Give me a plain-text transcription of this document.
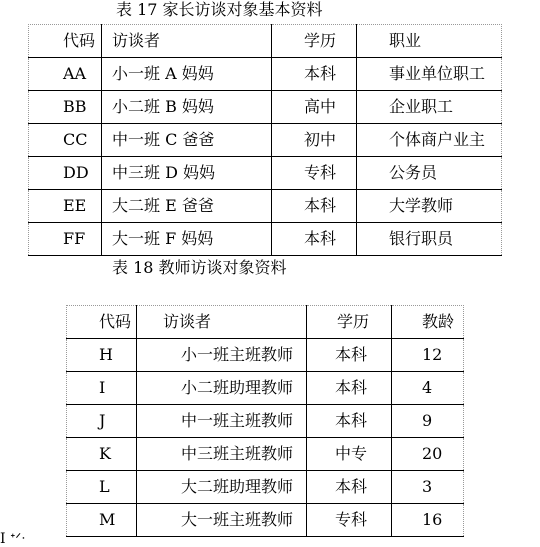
表 17 家长访谈对象基本资料
代码	访谈者	学历	职业
AA	小一班 A 妈妈	本科	事业单位职工
BB	小二班 B 妈妈	高中	企业职工
CC	中一班 C 爸爸	初中	个体商户业主
DD	中三班 D 妈妈	专科	公务员
EE	大二班 E 爸爸	本科	大学教师
FF	大一班 F 妈妈	本科	银行职员
表 18 教师访谈对象资料
代码	访谈者	学历	教龄
H	小一班主班教师	本科	12
I	小二班助理教师	本科	4
J	中一班主班教师	本科	9
K	中三班主班教师	中专	20
L	大二班助理教师	本科	3
M	大一班主班教师	专科	16
I ᐩᐟᐧ
